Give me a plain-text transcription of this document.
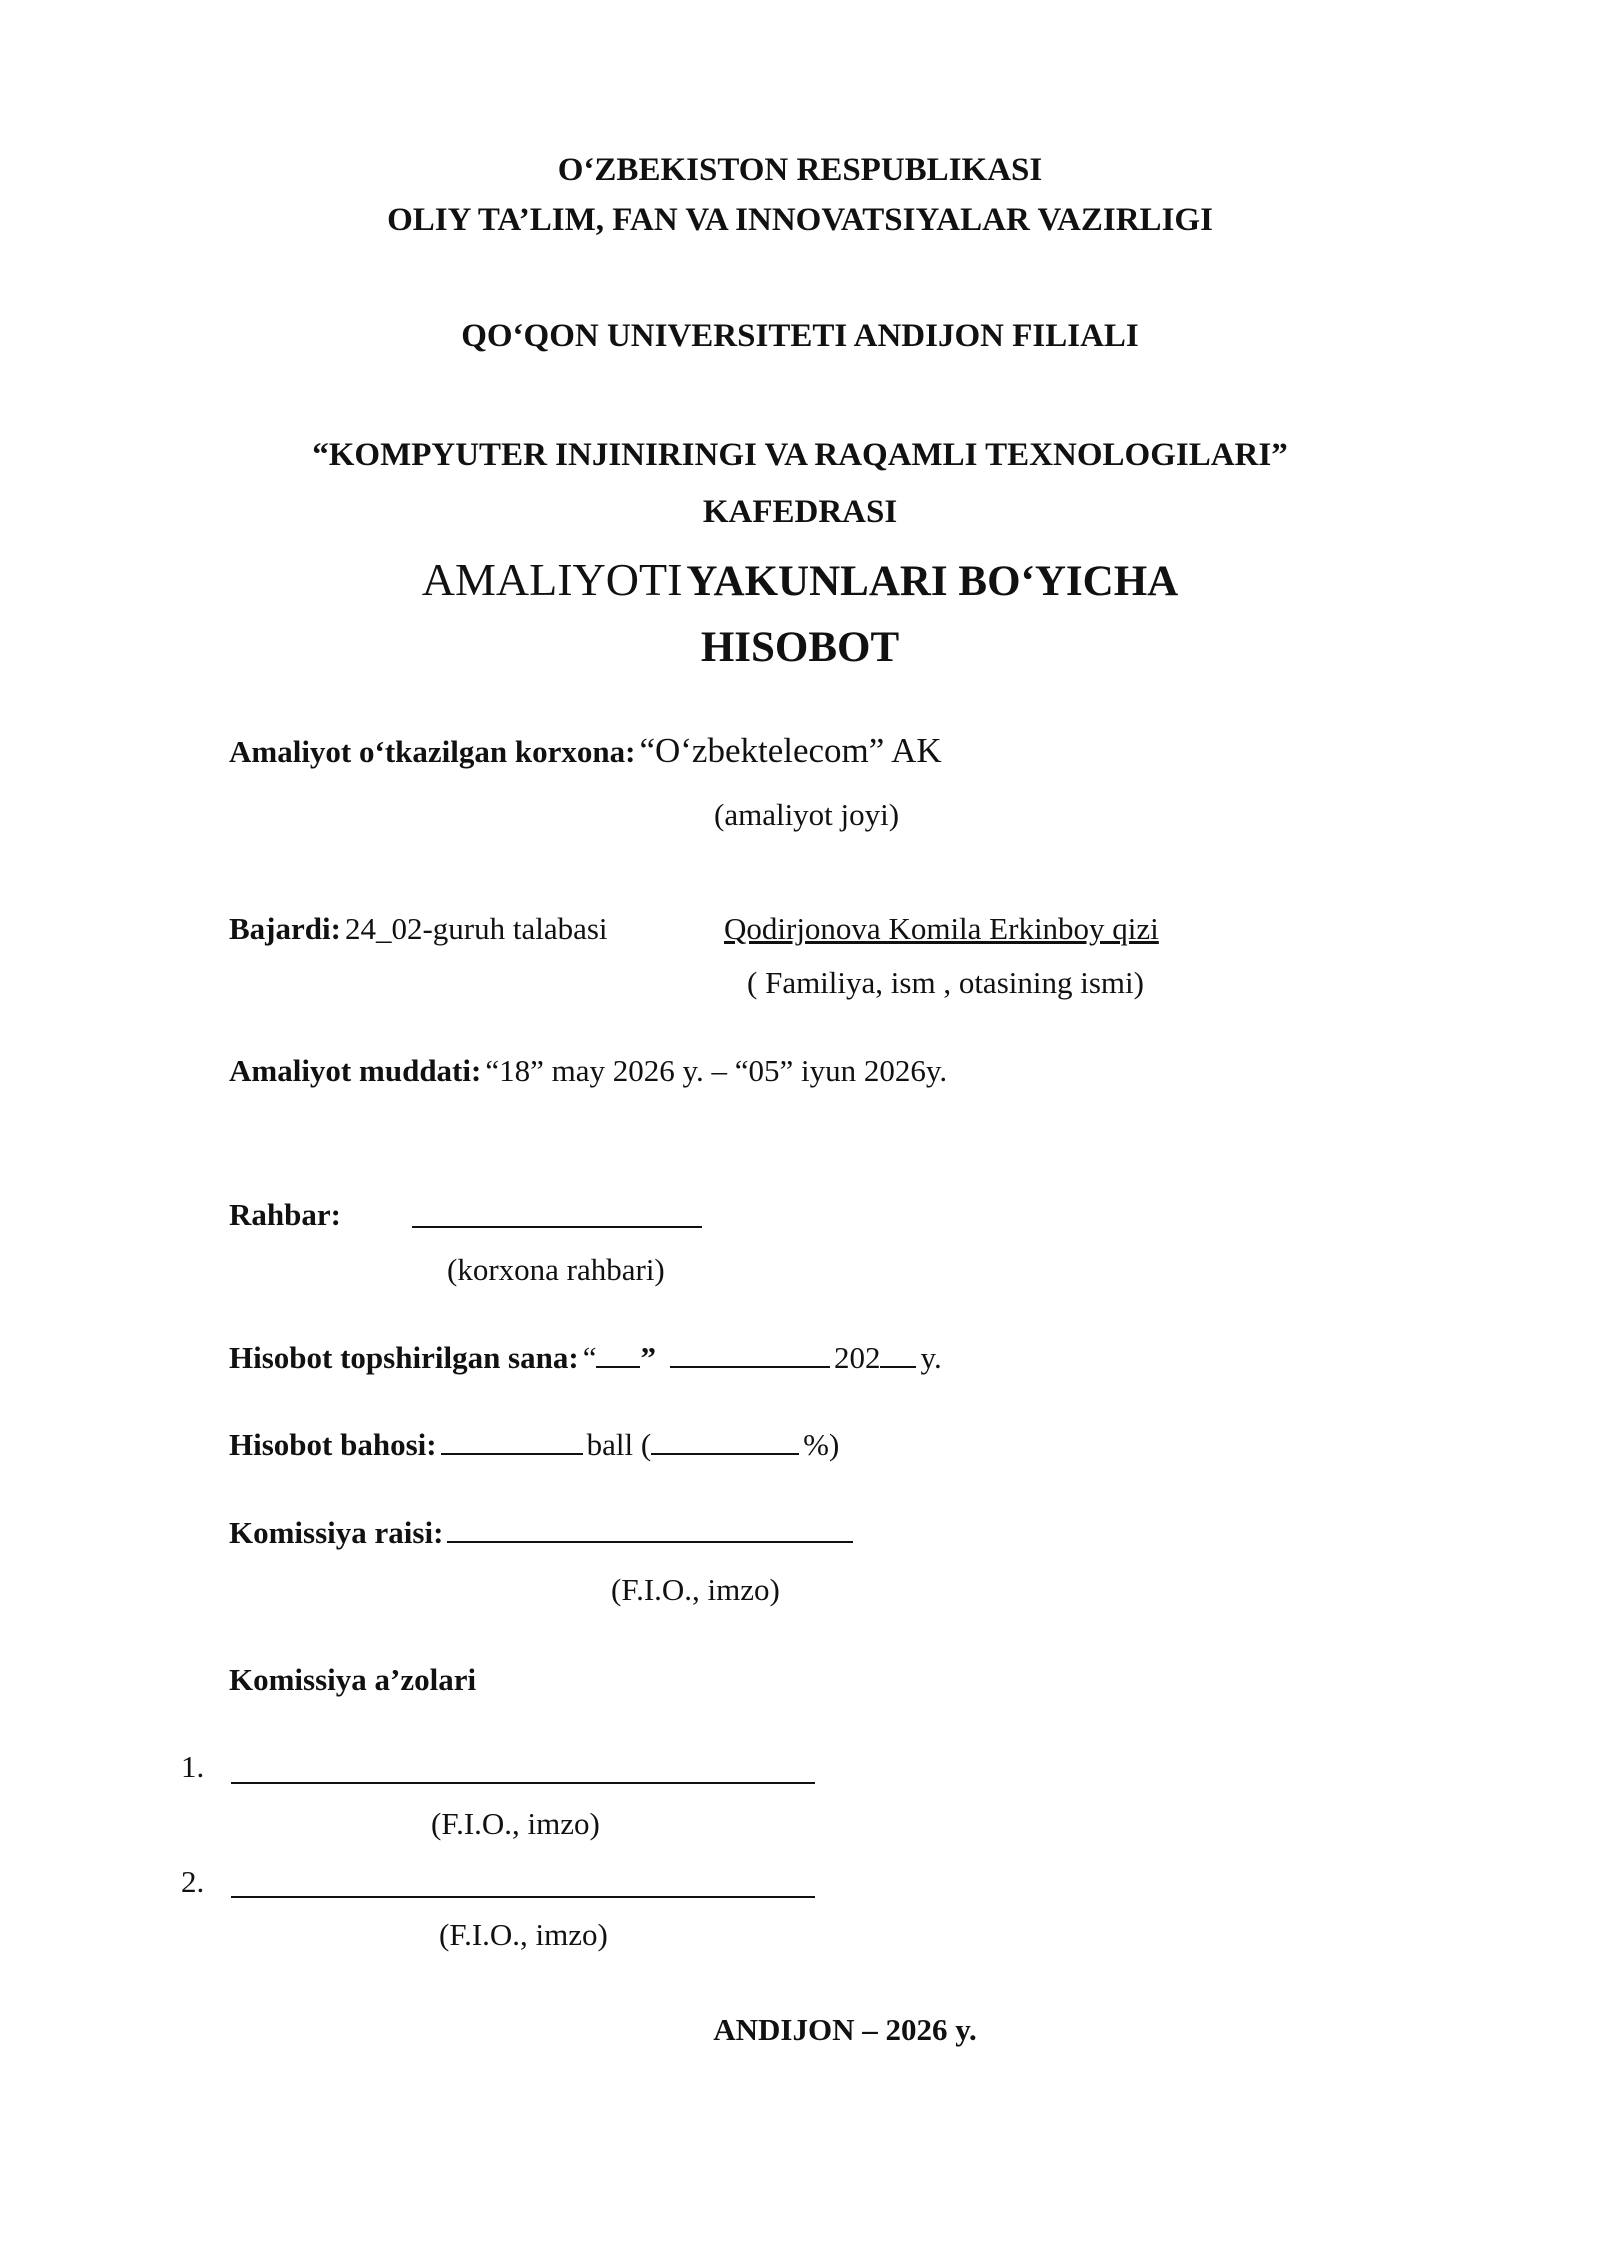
O‘ZBEKISTON RESPUBLIKASI
OLIY TA’LIM, FAN VA INNOVATSIYALAR VAZIRLIGI
QO‘QON UNIVERSITETI ANDIJON FILIALI
“KOMPYUTER INJINIRINGI VA RAQAMLI TEXNOLOGILARI”
KAFEDRASI
AMALIYOTI YAKUNLARI BO‘YICHA
HISOBOT
Amaliyot o‘tkazilgan korxona: “O‘zbektelecom” AK
(amaliyot joyi)
Bajardi: 24_02-guruh talabasi	Qodirjonova Komila Erkinboy qizi
( Familiya, ism , otasining ismi)
Amaliyot muddati: “18” may 2026 y. – “05” iyun 2026y.
Rahbar:
(korxona rahbari)
Hisobot topshirilgan sana: “ ”	202 y.
Hisobot bahosi:	ball (	%)
Komissiya raisi:
(F.I.O., imzo)
Komissiya a’zolari
1.
(F.I.O., imzo)
2.
(F.I.O., imzo)
ANDIJON – 2026 y.
